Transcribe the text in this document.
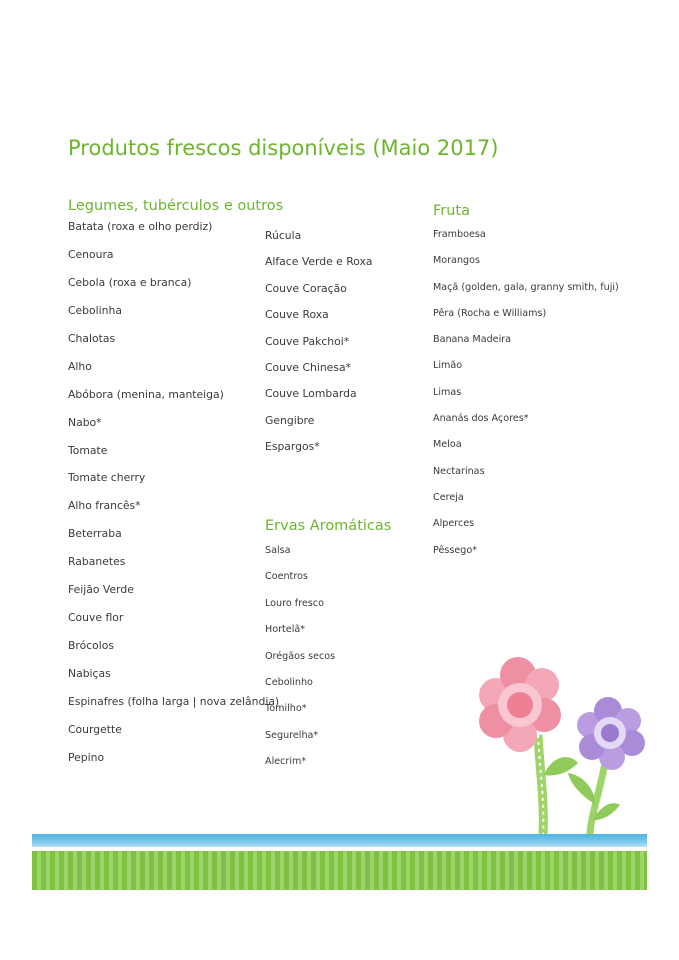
Produtos frescos disponíveis (Maio 2017)
Legumes, tubérculos e outros
Batata (roxa e olho perdiz)
Cenoura
Cebola (roxa e branca)
Cebolinha
Chalotas
Alho
Abóbora (menina, manteiga)
Nabo*
Tomate
Tomate cherry
Alho francês*
Beterraba
Rabanetes
Feijão Verde
Couve flor
Brócolos
Nabiças
Espinafres (folha larga | nova zelândia)
Courgette
Pepino
Rúcula
Alface Verde e Roxa
Couve Coração
Couve Roxa
Couve Pakchoi*
Couve Chinesa*
Couve Lombarda
Gengibre
Espargos*
Ervas Aromáticas
Salsa
Coentros
Louro fresco
Hortelã*
Orégãos secos
Cebolinho
Tomilho*
Segurelha*
Alecrim*
Fruta
Framboesa
Morangos
Maçã (golden, gala, granny smith, fuji)
Pêra (Rocha e Williams)
Banana Madeira
Limão
Limas
Ananás dos Açores*
Meloa
Nectarinas
Cereja
Alperces
Pêssego*
